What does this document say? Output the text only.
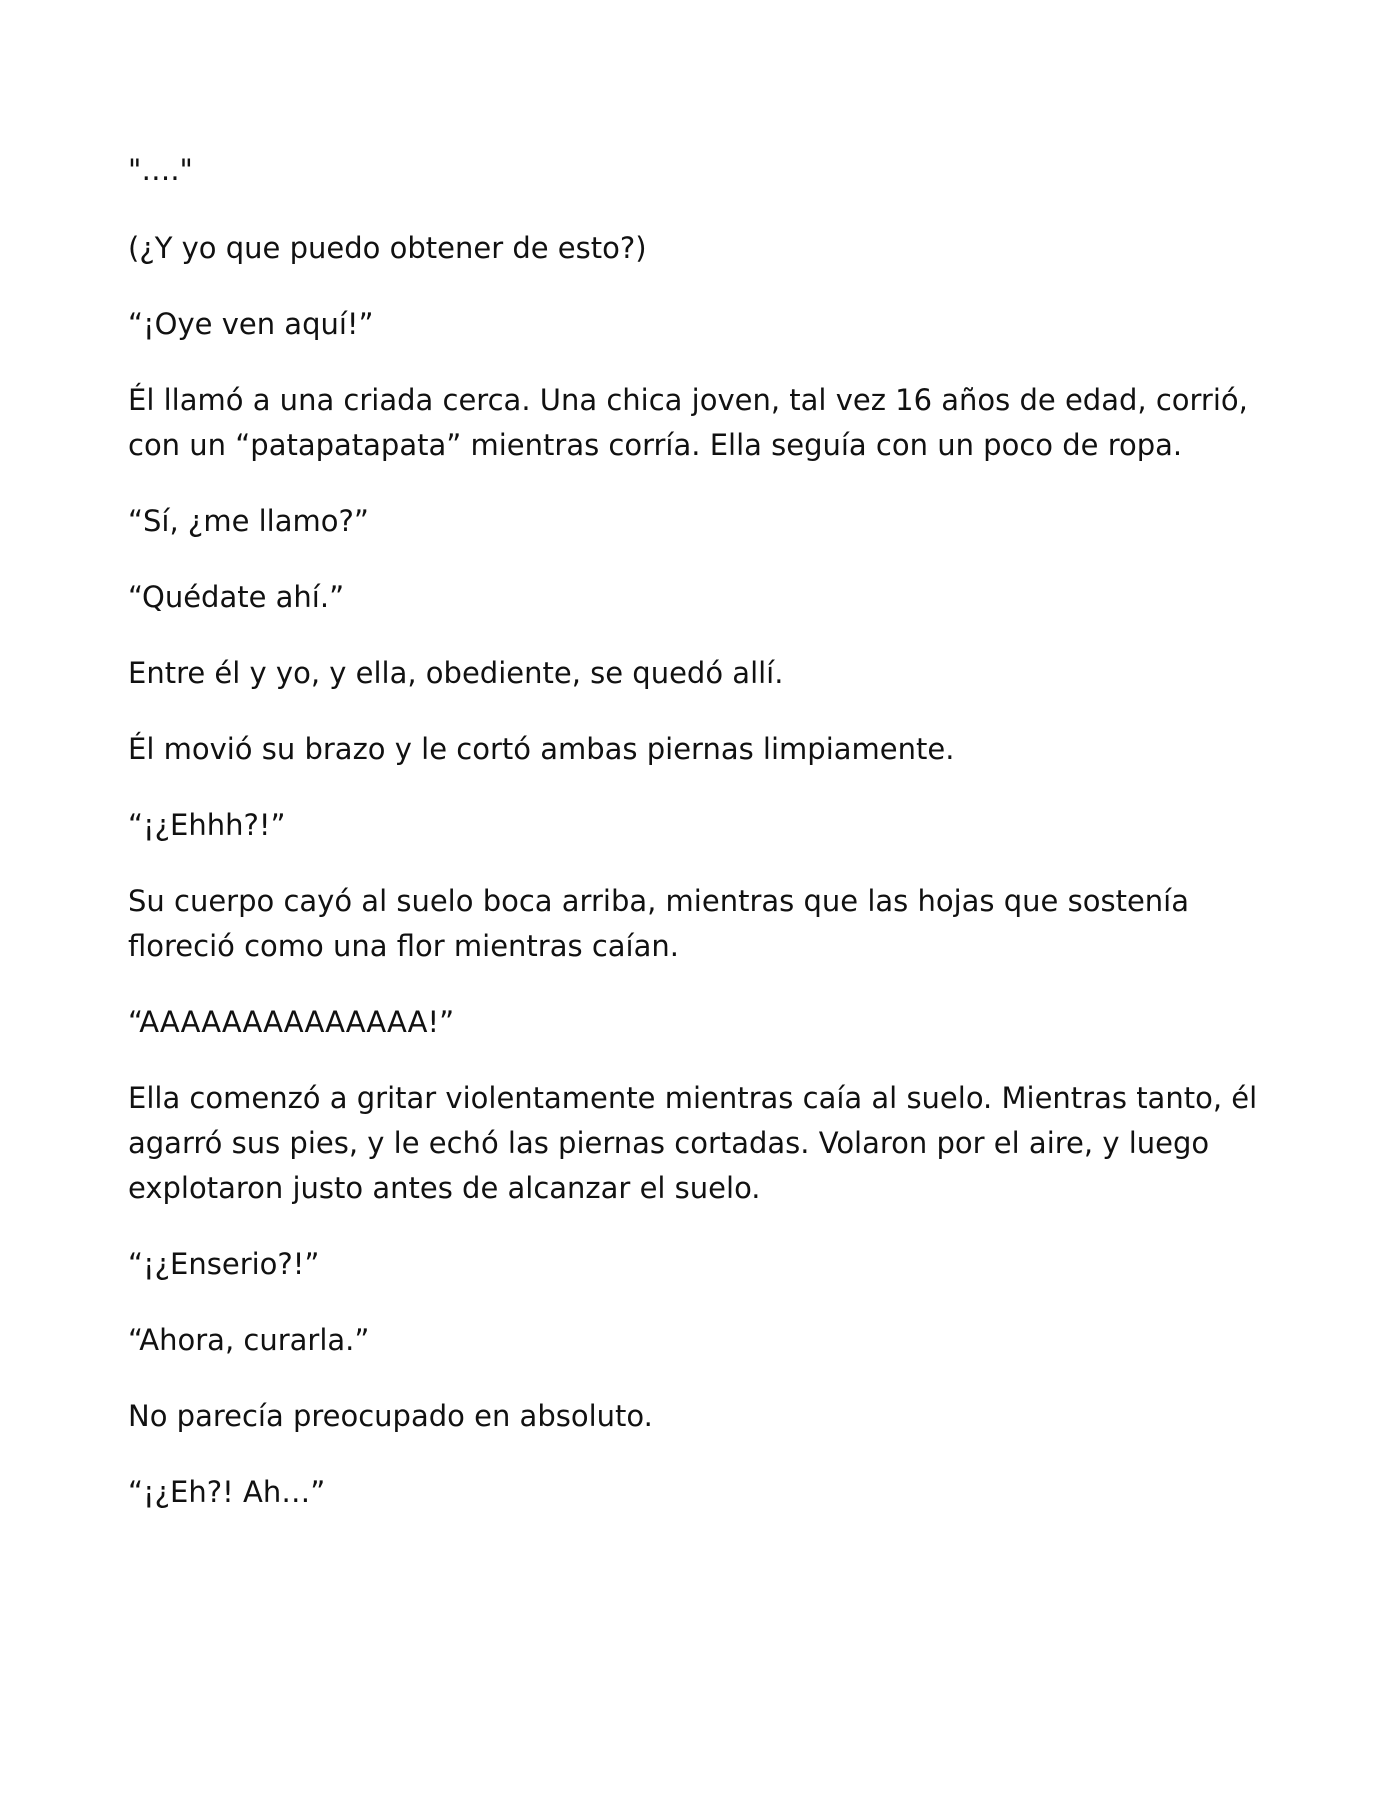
"…."

(¿Y yo que puedo obtener de esto?)

“¡Oye ven aquí!”

Él llamó a una criada cerca. Una chica joven, tal vez 16 años de edad, corrió, con un “patapatapata” mientras corría. Ella seguía con un poco de ropa.

“Sí, ¿me llamo?”

“Quédate ahí.”

Entre él y yo, y ella, obediente, se quedó allí.

Él movió su brazo y le cortó ambas piernas limpiamente.

“¡¿Ehhh?!”

Su cuerpo cayó al suelo boca arriba, mientras que las hojas que sostenía floreció como una flor mientras caían.

“AAAAAAAAAAAAAA!”

Ella comenzó a gritar violentamente mientras caía al suelo. Mientras tanto, él agarró sus pies, y le echó las piernas cortadas. Volaron por el aire, y luego explotaron justo antes de alcanzar el suelo.

“¡¿Enserio?!”

“Ahora, curarla.”

No parecía preocupado en absoluto.

“¡¿Eh?! Ah…”
